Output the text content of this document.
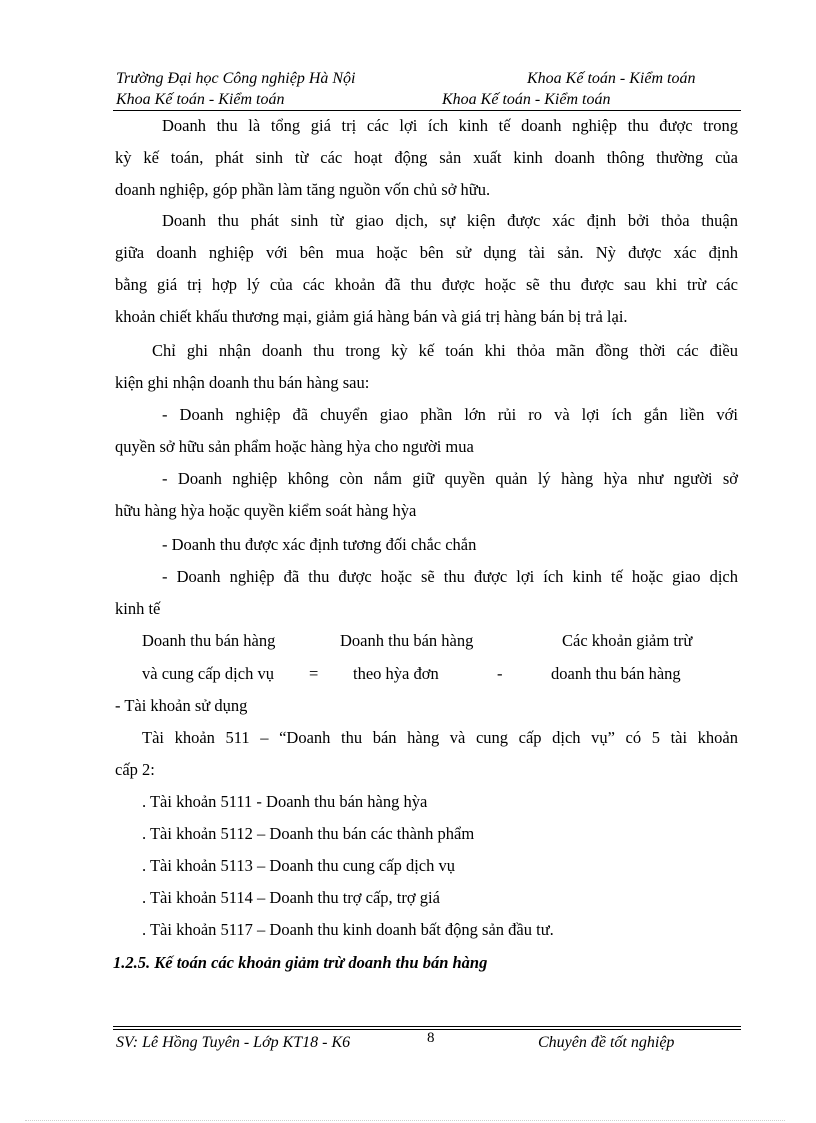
Trường Đại học Công nghiệp Hà Nội	Khoa Kế toán - Kiểm toán
Khoa Kế toán - Kiểm toán	Khoa Kế toán - Kiểm toán
Doanh thu là tổng giá trị các lợi ích kinh tế doanh nghiệp thu được trong
kỳ kế toán, phát sinh từ các hoạt động sản xuất kinh doanh thông thường của
doanh nghiệp, góp phần làm tăng nguồn vốn chủ sở hữu.
Doanh thu phát sinh từ giao dịch, sự kiện được xác định bởi thỏa thuận
giữa doanh nghiệp với bên mua hoặc bên sử dụng tài sản. Nỳ được xác định
bằng giá trị hợp lý của các khoản đã thu được hoặc sẽ thu được sau khi trừ các
khoản chiết khấu thương mại, giảm giá hàng bán và giá trị hàng bán bị trả lại.
Chỉ ghi nhận doanh thu trong kỳ kế toán khi thỏa mãn đồng thời các điều
kiện ghi nhận doanh thu bán hàng sau:
- Doanh nghiệp đã chuyển giao phần lớn rủi ro và lợi ích gắn liền với
quyền sở hữu sản phẩm hoặc hàng hỳa cho người mua
- Doanh nghiệp không còn nắm giữ quyền quản lý hàng hỳa như người sở
hữu hàng hỳa hoặc quyền kiểm soát hàng hỳa
- Doanh thu được xác định tương đối chắc chắn
- Doanh nghiệp đã thu được hoặc sẽ thu được lợi ích kinh tế hoặc giao dịch
kinh tế
Doanh thu bán hàng	Doanh thu bán hàng	Các khoản giảm trừ
và cung cấp dịch vụ = theo hỳa đơn	-	doanh thu bán hàng
- Tài khoản sử dụng
Tài khoản 511 – “Doanh thu bán hàng và cung cấp dịch vụ” có 5 tài khoản
cấp 2:
. Tài khoản 5111 - Doanh thu bán hàng hỳa
. Tài khoản 5112 – Doanh thu bán các thành phẩm
. Tài khoản 5113 – Doanh thu cung cấp dịch vụ
. Tài khoản 5114 – Doanh thu trợ cấp, trợ giá
. Tài khoản 5117 – Doanh thu kinh doanh bất động sản đầu tư.
1.2.5. Kế toán các khoản giảm trừ doanh thu bán hàng
SV: Lê Hồng Tuyên - Lớp KT18 - K6	8	Chuyên đề tốt nghiệp
